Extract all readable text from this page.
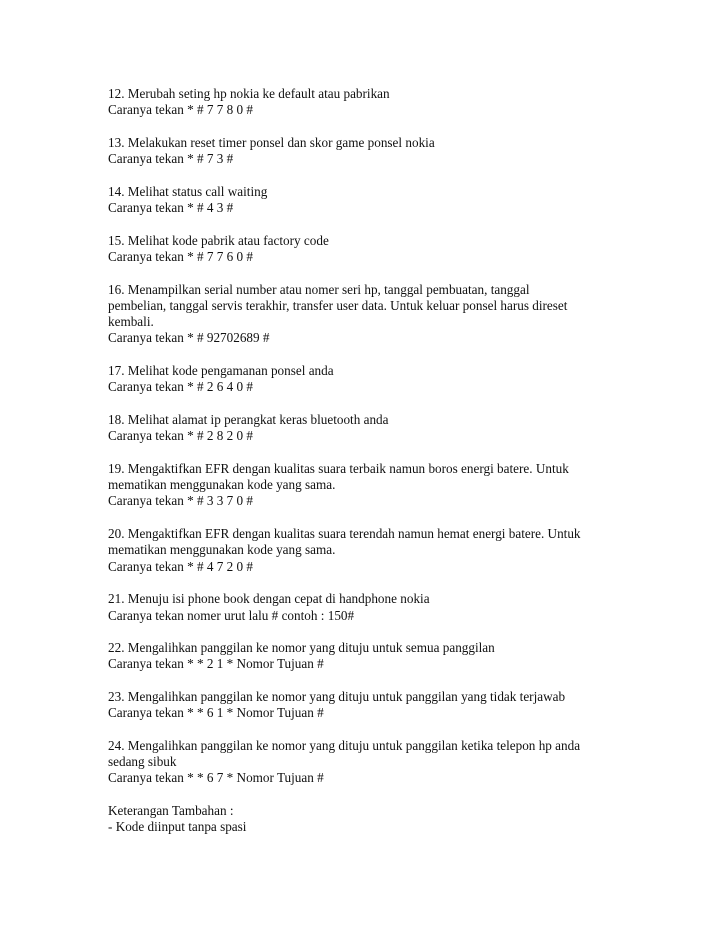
12. Merubah seting hp nokia ke default atau pabrikan

Caranya tekan * # 7 7 8 0 #

13. Melakukan reset timer ponsel dan skor game ponsel nokia

Caranya tekan * # 7 3 #

14. Melihat status call waiting

Caranya tekan * # 4 3 #

15. Melihat kode pabrik atau factory code

Caranya tekan * # 7 7 6 0 #

16. Menampilkan serial number atau nomer seri hp, tanggal pembuatan, tanggal

pembelian, tanggal servis terakhir, transfer user data. Untuk keluar ponsel harus direset

kembali.

Caranya tekan * # 92702689 #

17. Melihat kode pengamanan ponsel anda

Caranya tekan * # 2 6 4 0 #

18. Melihat alamat ip perangkat keras bluetooth anda

Caranya tekan * # 2 8 2 0 #

19. Mengaktifkan EFR dengan kualitas suara terbaik namun boros energi batere. Untuk

mematikan menggunakan kode yang sama.

Caranya tekan * # 3 3 7 0 #

20. Mengaktifkan EFR dengan kualitas suara terendah namun hemat energi batere. Untuk

mematikan menggunakan kode yang sama.

Caranya tekan * # 4 7 2 0 #

21. Menuju isi phone book dengan cepat di handphone nokia

Caranya tekan nomer urut lalu # contoh : 150#

22. Mengalihkan panggilan ke nomor yang dituju untuk semua panggilan

Caranya tekan * * 2 1 * Nomor Tujuan #

23. Mengalihkan panggilan ke nomor yang dituju untuk panggilan yang tidak terjawab

Caranya tekan * * 6 1 * Nomor Tujuan #

24. Mengalihkan panggilan ke nomor yang dituju untuk panggilan ketika telepon hp anda

sedang sibuk

Caranya tekan * * 6 7 * Nomor Tujuan #

Keterangan Tambahan :

- Kode diinput tanpa spasi
